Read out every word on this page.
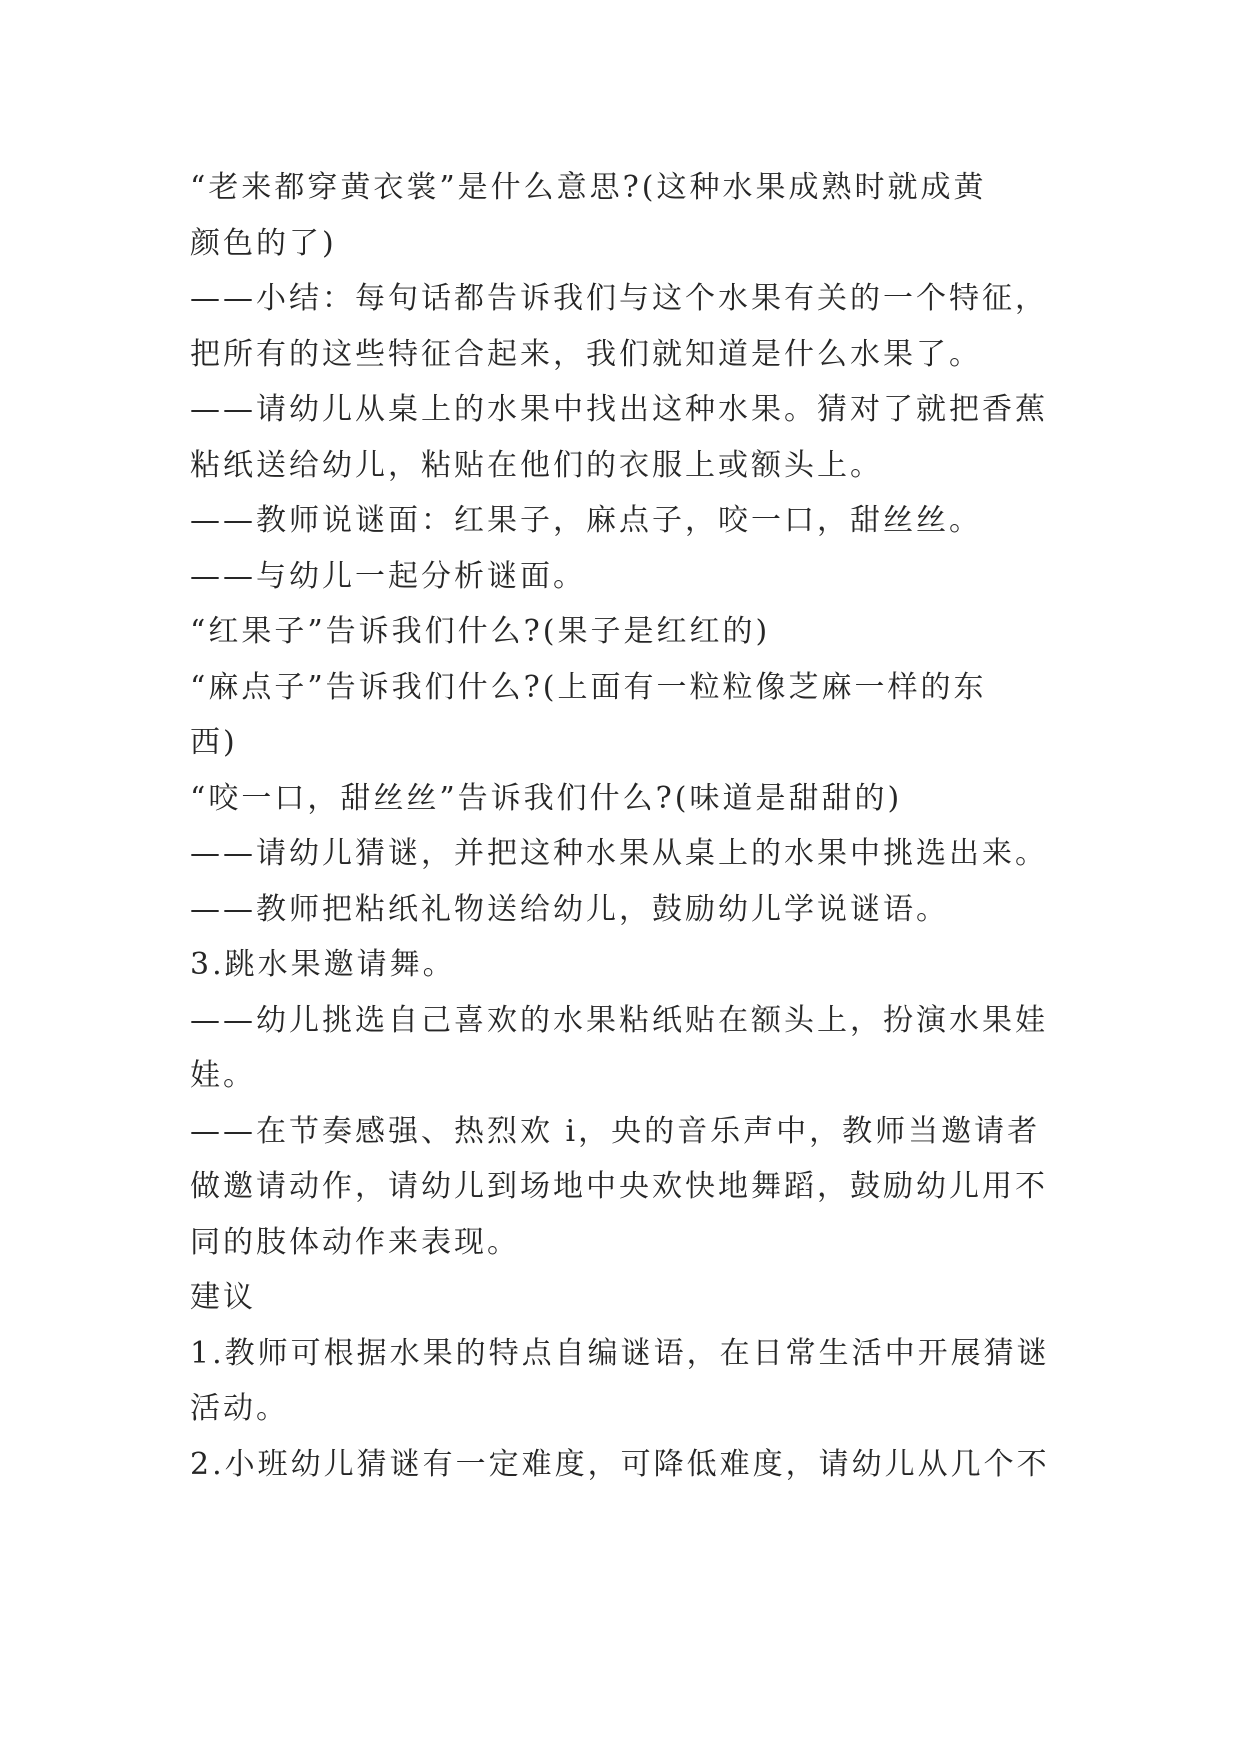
“老来都穿黄衣裳”是什么意思?(这种水果成熟时就成黄
颜色的了)
——小结：每句话都告诉我们与这个水果有关的一个特征，
把所有的这些特征合起来，我们就知道是什么水果了。
——请幼儿从桌上的水果中找出这种水果。猜对了就把香蕉
粘纸送给幼儿，粘贴在他们的衣服上或额头上。
——教师说谜面：红果子，麻点子，咬一口，甜丝丝。
——与幼儿一起分析谜面。
“红果子”告诉我们什么?(果子是红红的)
“麻点子”告诉我们什么?(上面有一粒粒像芝麻一样的东
西)
“咬一口，甜丝丝”告诉我们什么?(味道是甜甜的)
——请幼儿猜谜，并把这种水果从桌上的水果中挑选出来。
——教师把粘纸礼物送给幼儿，鼓励幼儿学说谜语。
3.跳水果邀请舞。
——幼儿挑选自己喜欢的水果粘纸贴在额头上，扮演水果娃
娃。
——在节奏感强、热烈欢 i，央的音乐声中，教师当邀请者
做邀请动作，请幼儿到场地中央欢快地舞蹈，鼓励幼儿用不
同的肢体动作来表现。
建议
1.教师可根据水果的特点自编谜语，在日常生活中开展猜谜
活动。
2.小班幼儿猜谜有一定难度，可降低难度，请幼儿从几个不
